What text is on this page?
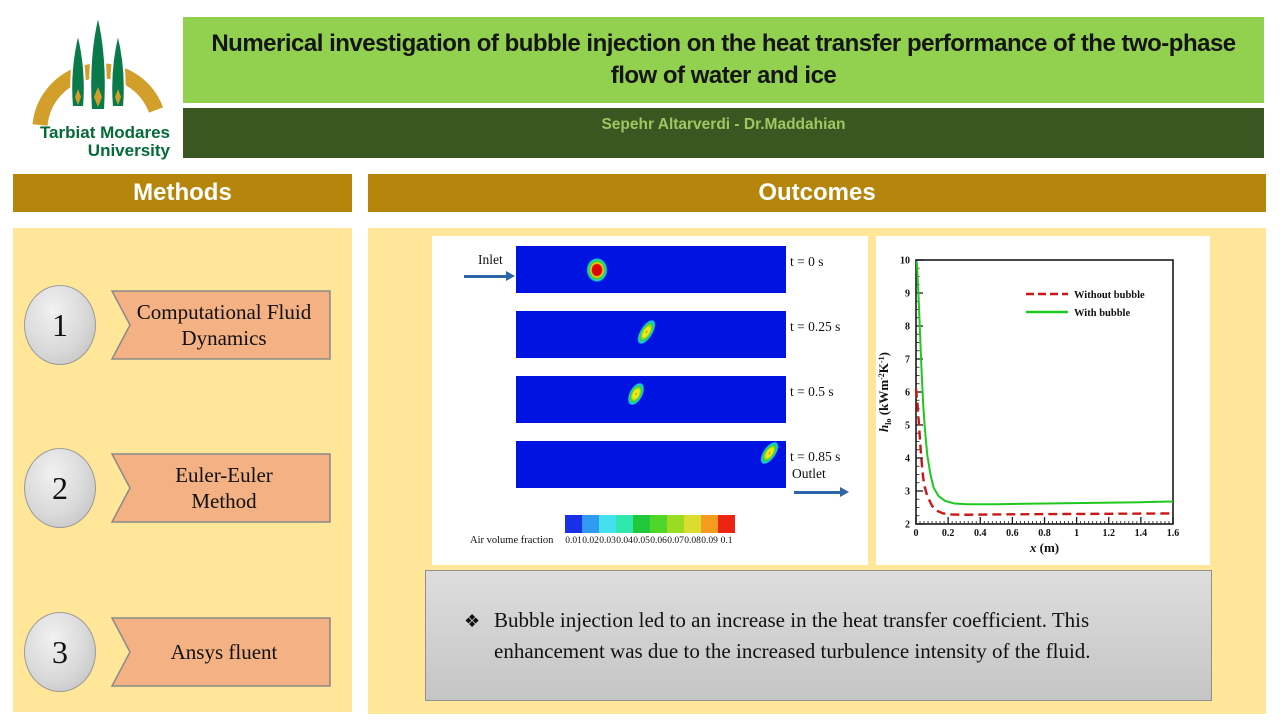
Tarbiat Modares
University
Numerical investigation of bubble injection on the heat transfer performance of the two-phase flow of water and ice
Sepehr Altarverdi - Dr.Maddahian
Methods	Outcomes
Computational Fluid Dynamics
1
Euler-Euler Method
2
Ansys fluent
3
Inlet
Outlet
0.01 0.02 0.03 0.04 0.05 0.06 0.07 0.08 0.09 0.1
Air volume fraction
t = 0 s
t = 0.25 s
t = 0.5 s
t = 0.85 s
0 0.2 0.4 0.6 0.8 1 1.2 1.4 1.6
2
3
4
5
6
7
8
9
10
Without bubble
With bubble
x (m)
$h_{lo}$ $(kWm^{-2}K^{-1})$
❖ Bubble injection led to an increase in the heat transfer coefficient. This enhancement was due to the increased turbulence intensity of the fluid.
